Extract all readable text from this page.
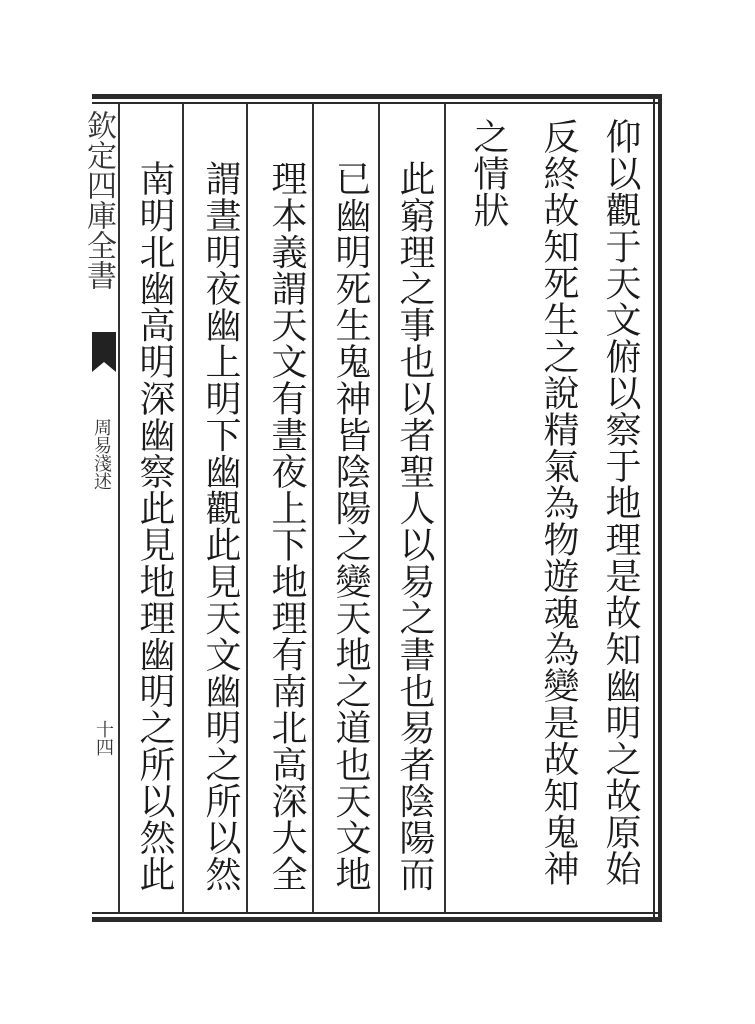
欽定四庫全書
周易淺述
十四	仰以觀于天文俯以察于地理是故知幽明之故原始
反終故知死生之說精氣為物遊魂為變是故知鬼神
之情狀
此窮理之事也以者聖人以易之書也易者陰陽而
已幽明死生鬼神皆陰陽之變天地之道也天文地
理本義謂天文有晝夜上下地理有南北高深大全
謂晝明夜幽上明下幽觀此見天文幽明之所以然
南明北幽高明深幽察此見地理幽明之所以然此
